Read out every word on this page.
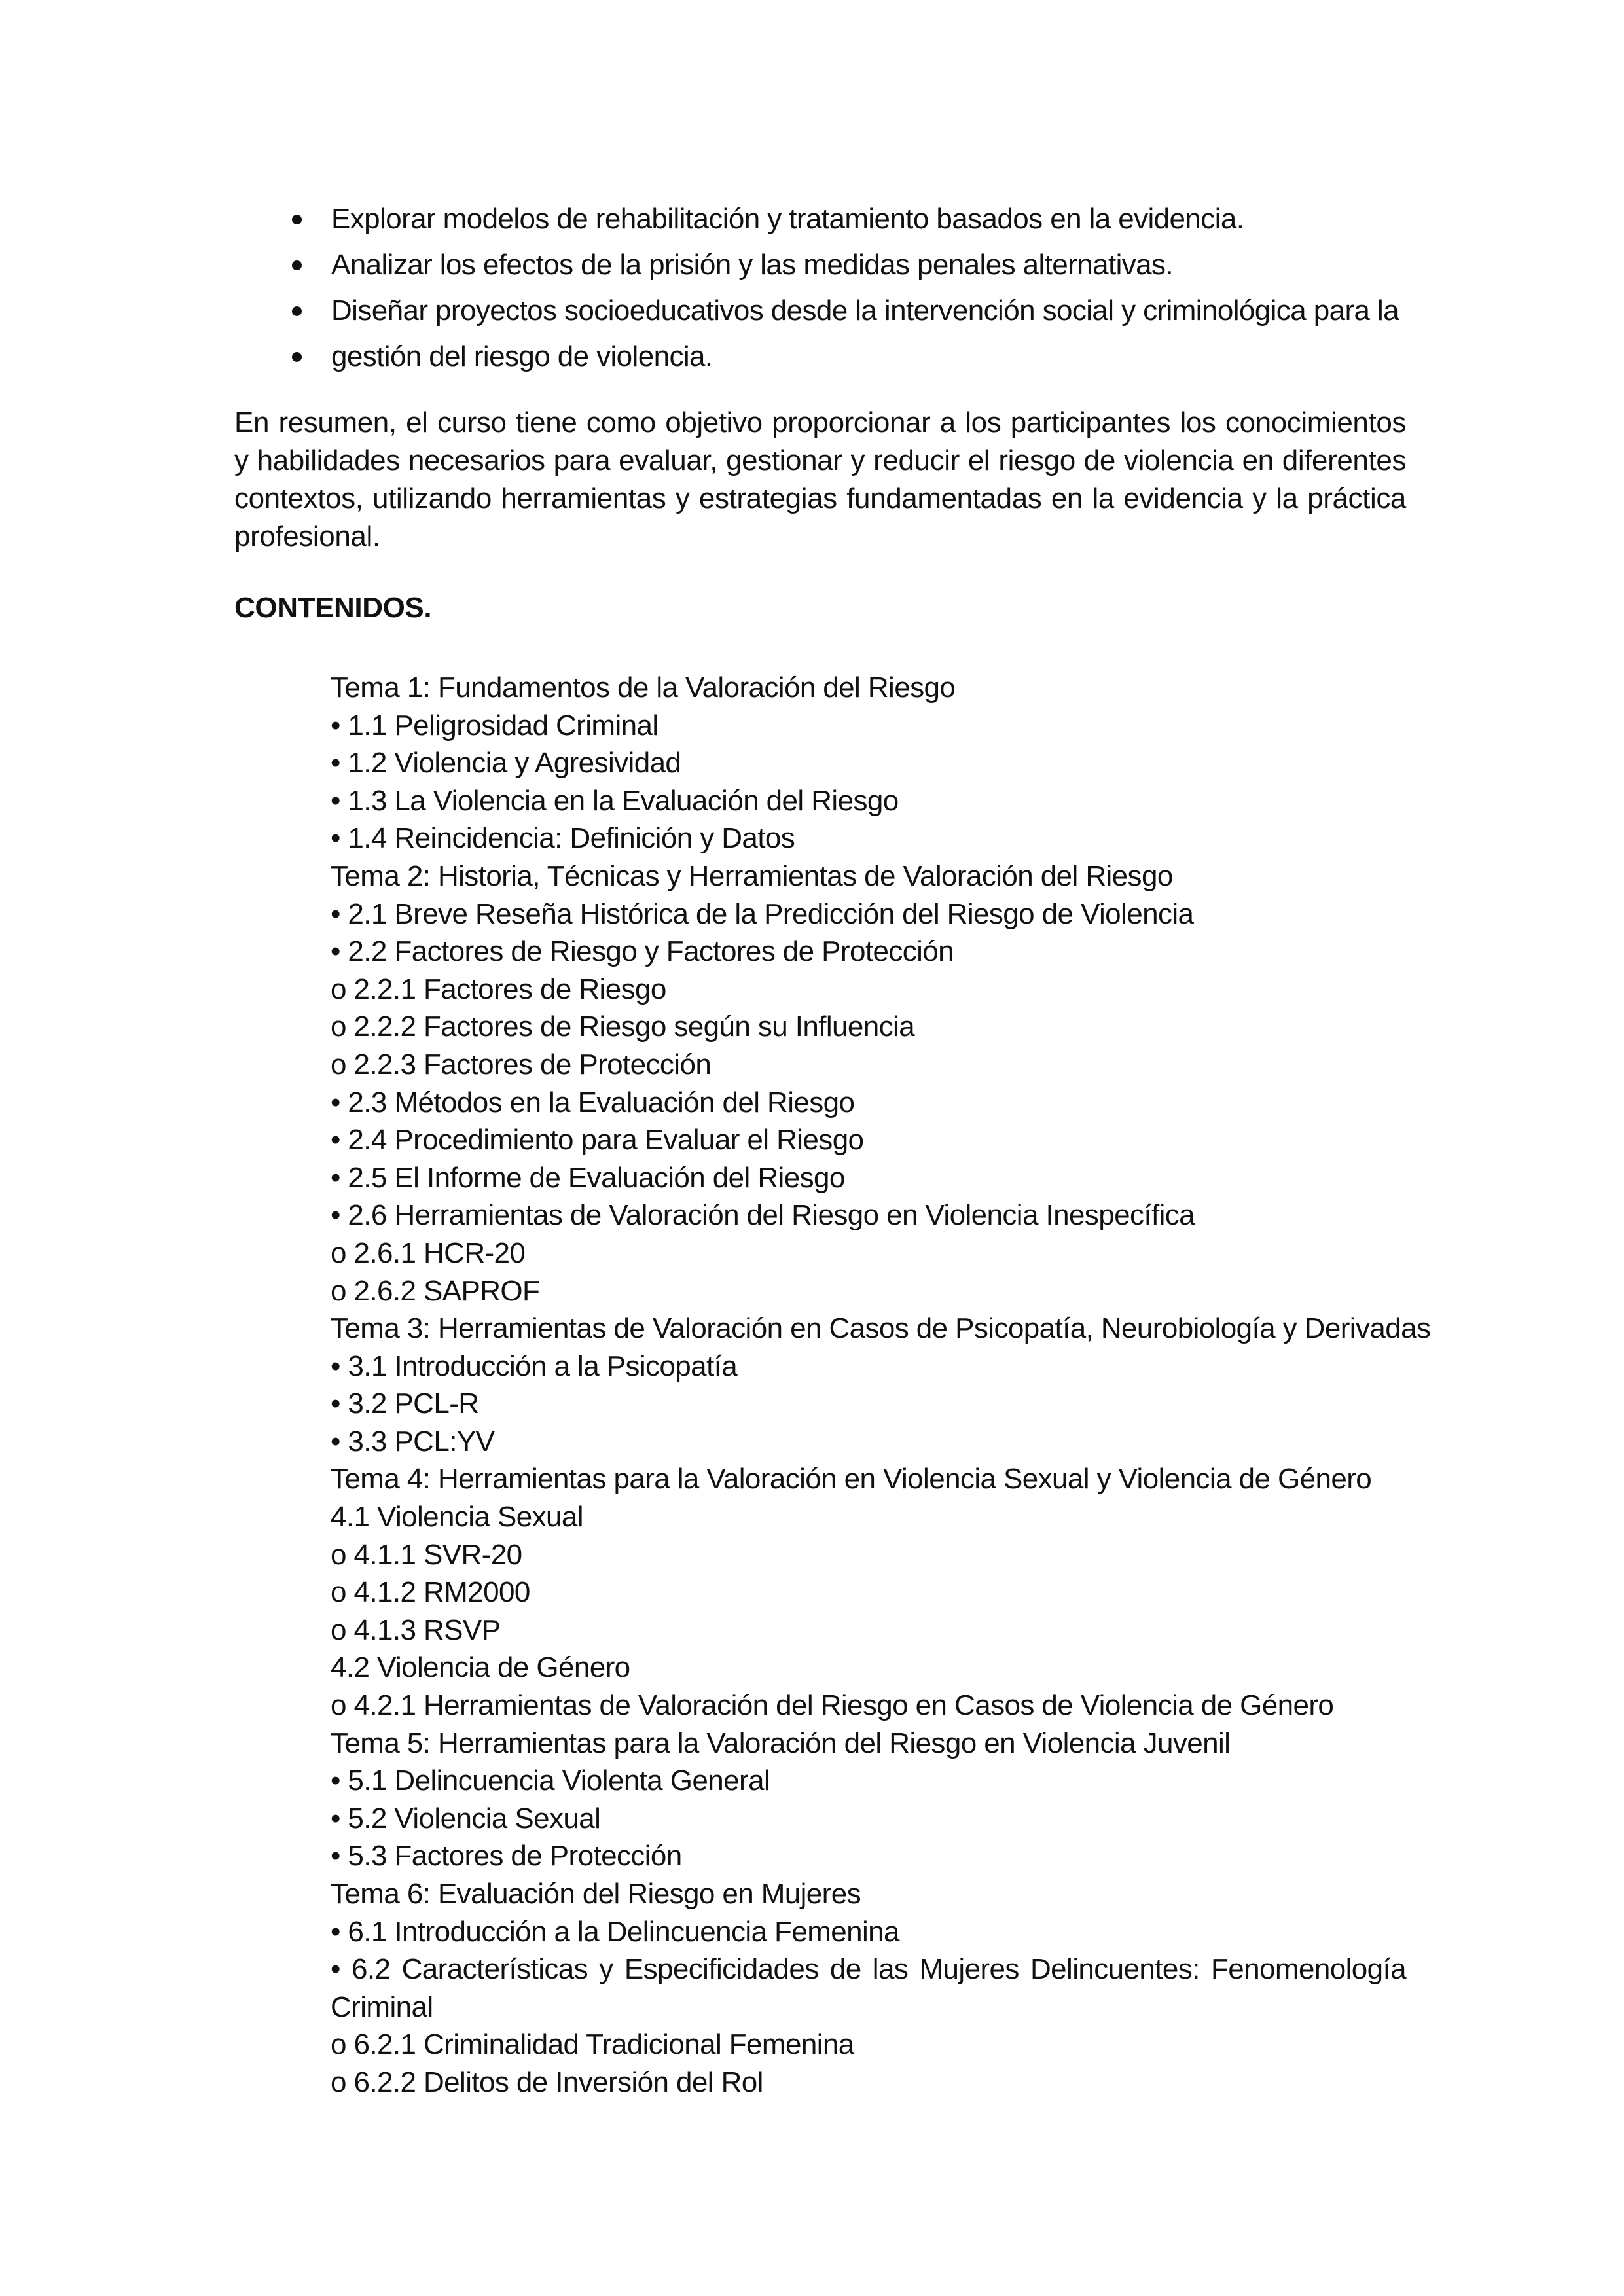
Explorar modelos de rehabilitación y tratamiento basados en la evidencia.
Analizar los efectos de la prisión y las medidas penales alternativas.
Diseñar proyectos socioeducativos desde la intervención social y criminológica para la
gestión del riesgo de violencia.

En resumen, el curso tiene como objetivo proporcionar a los participantes los conocimientos y habilidades necesarios para evaluar, gestionar y reducir el riesgo de violencia en diferentes contextos, utilizando herramientas y estrategias fundamentadas en la evidencia y la práctica profesional.

CONTENIDOS.
Tema 1: Fundamentos de la Valoración del Riesgo
• 1.1 Peligrosidad Criminal
• 1.2 Violencia y Agresividad
• 1.3 La Violencia en la Evaluación del Riesgo
• 1.4 Reincidencia: Definición y Datos
Tema 2: Historia, Técnicas y Herramientas de Valoración del Riesgo
• 2.1 Breve Reseña Histórica de la Predicción del Riesgo de Violencia
• 2.2 Factores de Riesgo y Factores de Protección
o 2.2.1 Factores de Riesgo
o 2.2.2 Factores de Riesgo según su Influencia
o 2.2.3 Factores de Protección
• 2.3 Métodos en la Evaluación del Riesgo
• 2.4 Procedimiento para Evaluar el Riesgo
• 2.5 El Informe de Evaluación del Riesgo
• 2.6 Herramientas de Valoración del Riesgo en Violencia Inespecífica
o 2.6.1 HCR-20
o 2.6.2 SAPROF
Tema 3: Herramientas de Valoración en Casos de Psicopatía, Neurobiología y Derivadas
• 3.1 Introducción a la Psicopatía
• 3.2 PCL-R
• 3.3 PCL:YV
Tema 4: Herramientas para la Valoración en Violencia Sexual y Violencia de Género
4.1 Violencia Sexual
o 4.1.1 SVR-20
o 4.1.2 RM2000
o 4.1.3 RSVP
4.2 Violencia de Género
o 4.2.1 Herramientas de Valoración del Riesgo en Casos de Violencia de Género
Tema 5: Herramientas para la Valoración del Riesgo en Violencia Juvenil
• 5.1 Delincuencia Violenta General
• 5.2 Violencia Sexual
• 5.3 Factores de Protección
Tema 6: Evaluación del Riesgo en Mujeres
• 6.1 Introducción a la Delincuencia Femenina
• 6.2 Características y Especificidades de las Mujeres Delincuentes: Fenomenología Criminal
o 6.2.1 Criminalidad Tradicional Femenina
o 6.2.2 Delitos de Inversión del Rol
